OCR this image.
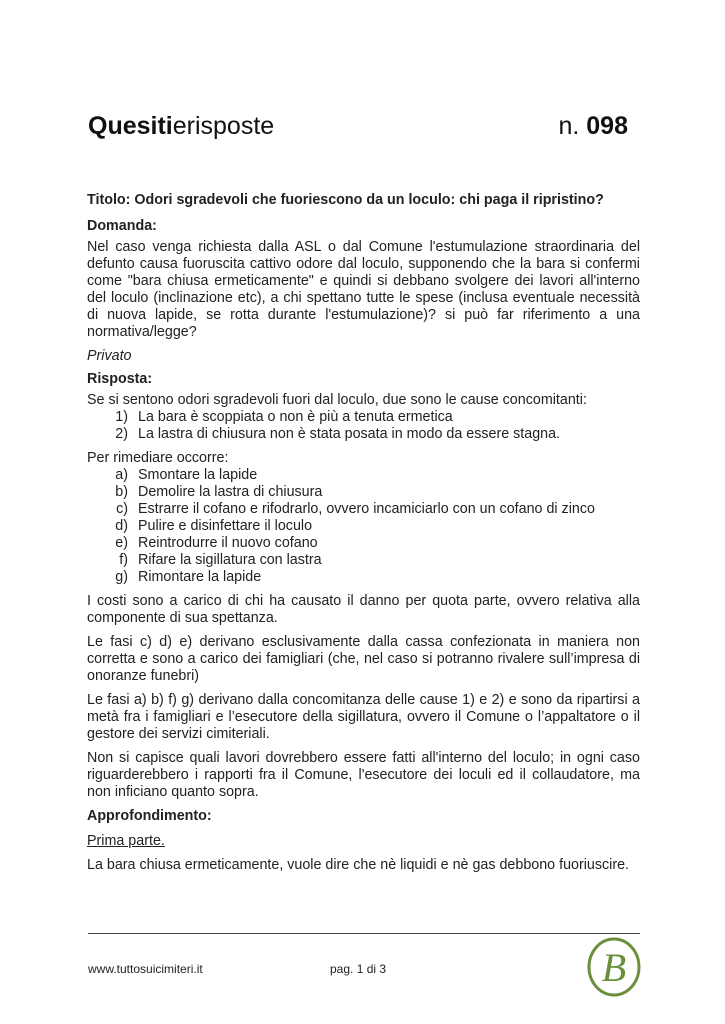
Quesitierisposte	n. 098
Titolo: Odori sgradevoli che fuoriescono da un loculo: chi paga il ripristino?
Domanda:

Nel caso venga richiesta dalla ASL o dal Comune l'estumulazione straordinaria del defunto causa fuoruscita cattivo odore dal loculo, supponendo che la bara si confermi come "bara chiusa ermeticamente" e quindi si debbano svolgere dei lavori all'interno del loculo (inclinazione etc), a chi spettano tutte le spese (inclusa eventuale necessità di nuova lapide, se rotta durante l'estumulazione)? si può far riferimento a una normativa/legge?

Privato
Risposta:
Se si sentono odori sgradevoli fuori dal loculo, due sono le cause concomitanti:
1) La bara è scoppiata o non è più a tenuta ermetica
2) La lastra di chiusura non è stata posata in modo da essere stagna.
Per rimediare occorre:
a) Smontare la lapide
b) Demolire la lastra di chiusura
c) Estrarre il cofano e rifodrarlo, ovvero incamiciarlo con un cofano di zinco
d) Pulire e disinfettare il loculo
e) Reintrodurre il nuovo cofano
f) Rifare la sigillatura con lastra
g) Rimontare la lapide

I costi sono a carico di chi ha causato il danno per quota parte, ovvero relativa alla componente di sua spettanza.

Le fasi c) d) e) derivano esclusivamente dalla cassa confezionata in maniera non corretta e sono a carico dei famigliari (che, nel caso si potranno rivalere sull’impresa di onoranze funebri)

Le fasi a) b) f) g) derivano dalla concomitanza delle cause 1) e 2) e sono da ripartirsi a metà fra i famigliari e l’esecutore della sigillatura, ovvero il Comune o l’appaltatore o il gestore dei servizi cimiteriali.

Non si capisce quali lavori dovrebbero essere fatti all'interno del loculo; in ogni caso riguarderebbero i rapporti fra il Comune, l'esecutore dei loculi ed il collaudatore, ma non inficiano quanto sopra.

Approfondimento:
Prima parte.

La bara chiusa ermeticamente, vuole dire che nè liquidi e nè gas debbono fuoriuscire.

www.tuttosuicimiteri.it	pag. 1 di 3	B
